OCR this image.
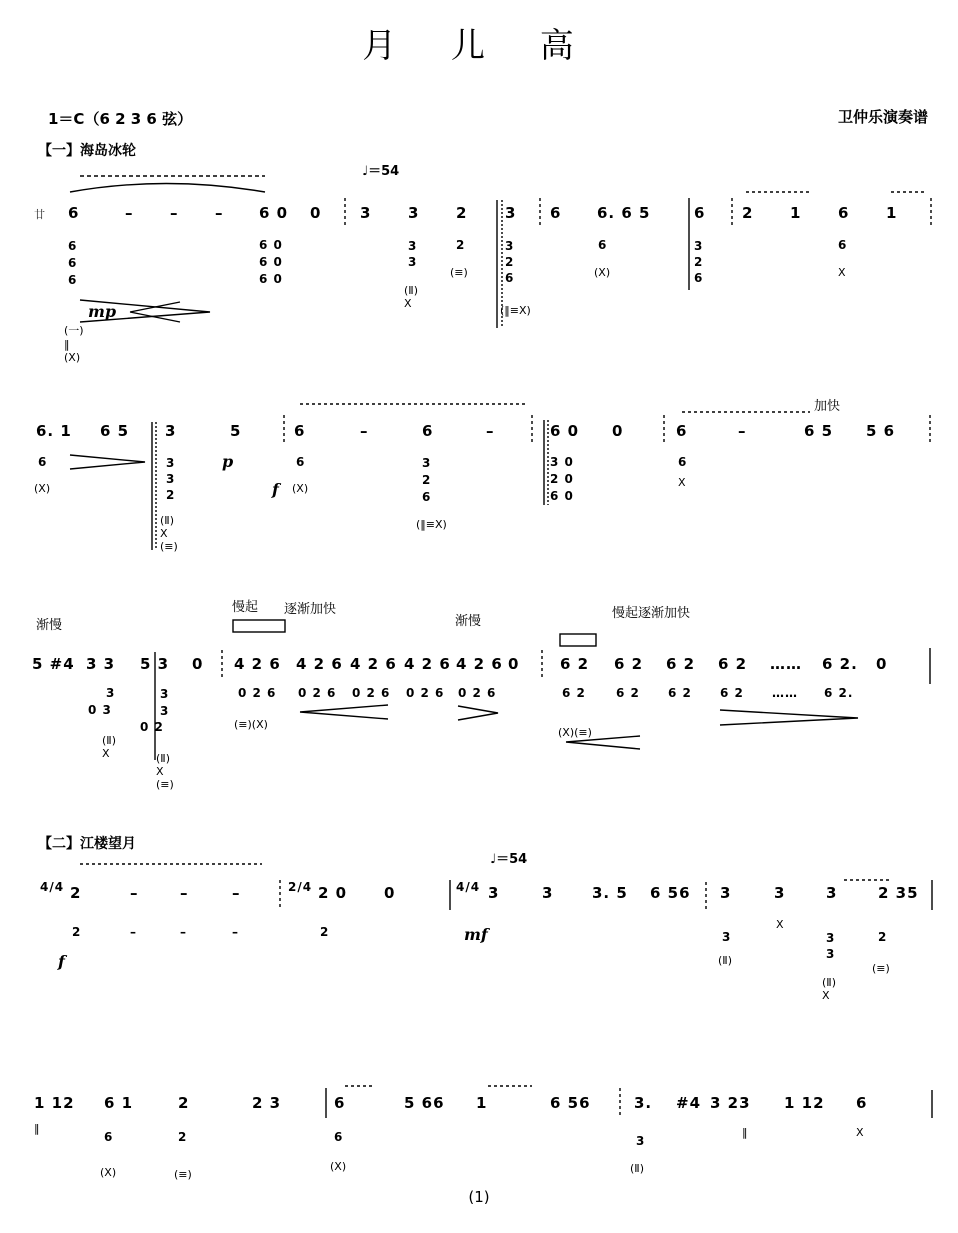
月 儿 高
1＝C（6 2 3 6 弦）	卫仲乐演奏谱
【一】海岛冰轮
♩＝54
加快
渐慢
慢起 逐渐加快
渐慢
慢起逐渐加快
【二】江楼望月
♩＝54
mp
p
f
mf
f
4/4	2/4	4/4
廿 6	– – – 6 0 0	3 3 2	3 6 6. 6 5	6 2 1 6 1
6 6 6
6 0
6 0
6 0
3 3
2	3 2 6
6	3 2 6
6
(一)
‖
(X)
(Ⅱ)
X
(≡)
(‖≡X)
(X)	X
6. 1 6 5 3	5	6	–	6	–	6 0 0	6	–	6 5 5 6
6	3 3 2
6	3 2 6
3 0
2 0
6 0
6
(X)
(Ⅱ)
X
(≡)
(X)
(‖≡X)
X
5 #4 3 3 5 3 0 4 2 6 4 2 6 4 2 6 4 2 6 4 2 6 0	6 2 6 2 6 2 6 2 …… 6 2. 0
3
0 3
3 3
0 2
0 2 6 0 2 6 0 2 6 0 2 6 0 2 6	6 2	6 2 6 2 6 2 …… 6 2.
(Ⅱ)
X	(Ⅱ)
X
(≡)
(≡)(X)
(X)(≡)
2	–	–	–	2 0 0	3	3	3. 5 6 56 3	3	3	2 35
2	–	–	–	2	3	3 3
2
X
(Ⅱ)
(Ⅱ)
X
(≡)
1 12 6 1	2	2 3	6	5 66 1	6 56	3. #4 3 23 1 12 6
6	2	6	3
‖
(X)	(≡)
(X)	(Ⅱ)
‖	X
(1)
